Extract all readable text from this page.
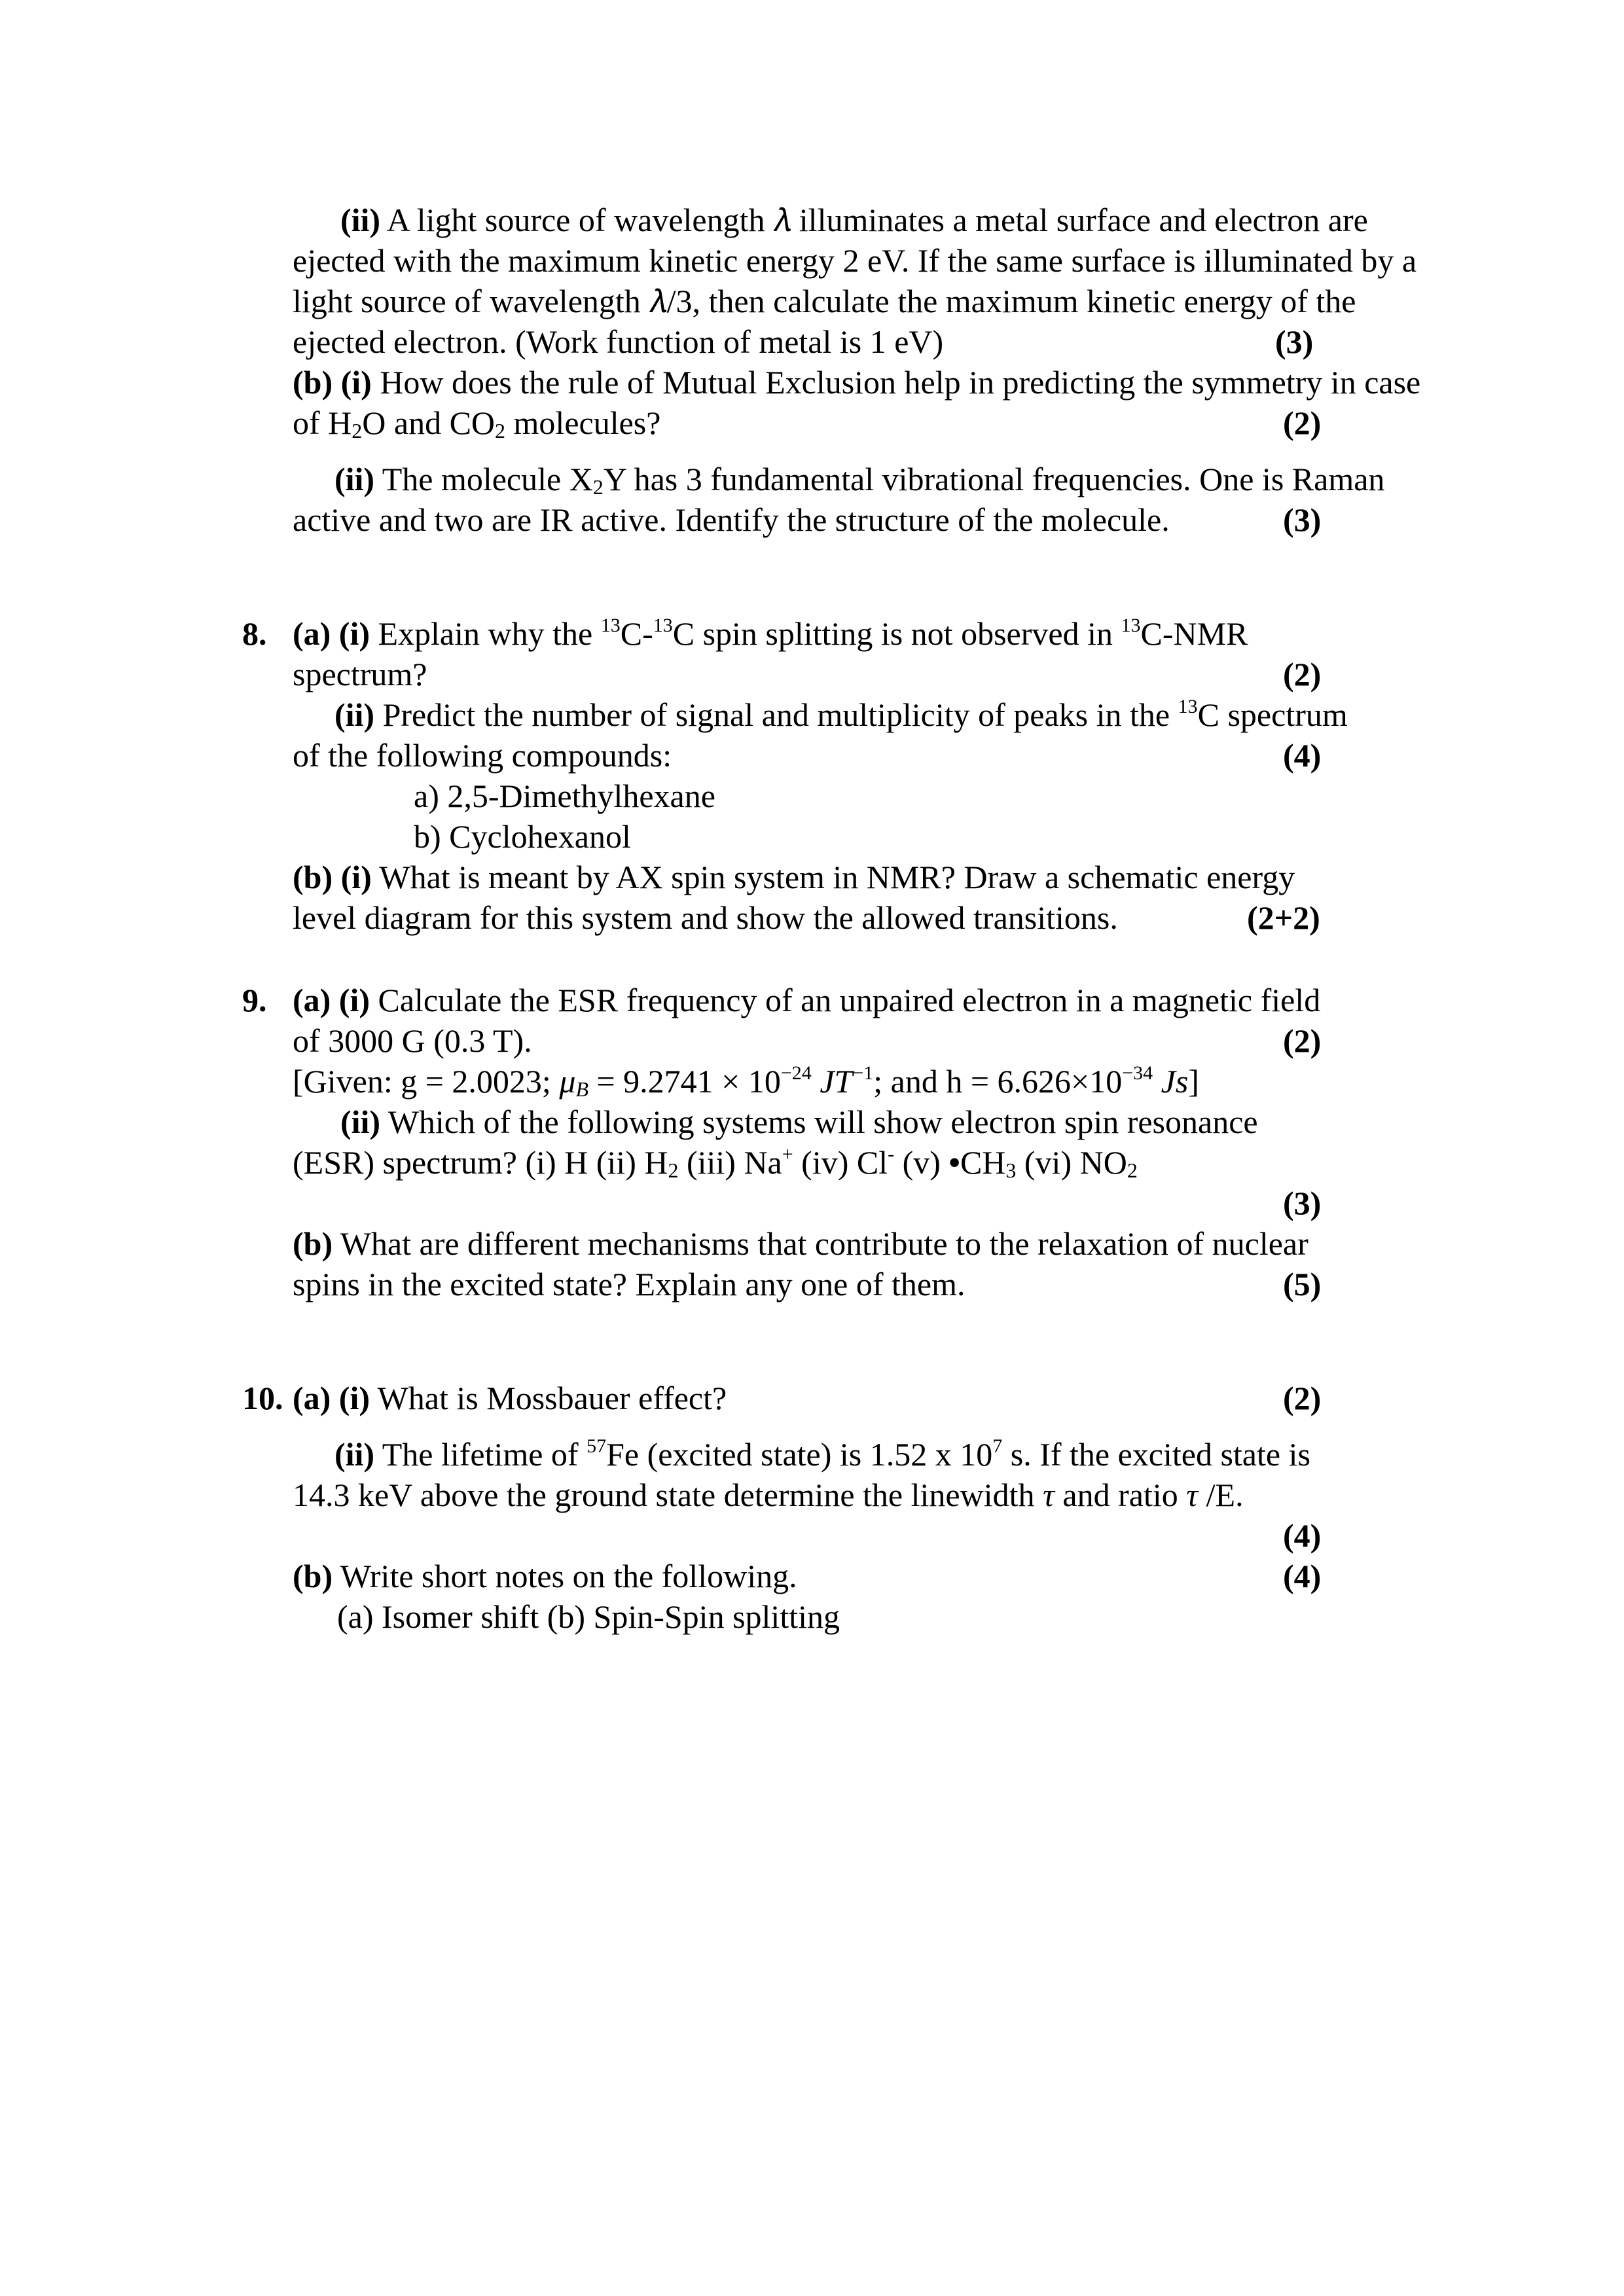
(ii) A light source of wavelength 𝜆 illuminates a metal surface and electron are
ejected with the maximum kinetic energy 2 eV. If the same surface is illuminated by a
light source of wavelength 𝜆/3, then calculate the maximum kinetic energy of the
ejected electron. (Work function of metal is 1 eV)	(3)
(b) (i) How does the rule of Mutual Exclusion help in predicting the symmetry in case
of $H_2O$ and $CO_2$ molecules?	(2)
(ii) The molecule $X_2Y$ has 3 fundamental vibrational frequencies. One is Raman
active and two are IR active. Identify the structure of the molecule.	(3)
8. (a) (i) Explain why the $^{13}$C-$^{13}$C spin splitting is not observed in $^{13}$C-NMR
spectrum?	(2)
(ii) Predict the number of signal and multiplicity of peaks in the $^{13}$C spectrum
of the following compounds:	(4)
a) 2,5-Dimethylhexane
b) Cyclohexanol
(b) (i) What is meant by AX spin system in NMR? Draw a schematic energy
level diagram for this system and show the allowed transitions.	(2+2)
9. (a) (i) Calculate the ESR frequency of an unpaired electron in a magnetic field
of 3000 G (0.3 T).	(2)
[Given: g = 2.0023; $\mu_B = 9.2741 \times 10^{-24}$ $JT^{-1}$; and $h = 6.626\times 10^{-34}$ Js]
(ii) Which of the following systems will show electron spin resonance
(ESR) spectrum? (i) H (ii) $H_2$ (iii) Na+ (iv) Cl- (v) $•CH_3$ (vi) $NO_2$
(3)
(b) What are different mechanisms that contribute to the relaxation of nuclear
spins in the excited state? Explain any one of them.	(5)
10. (a) (i) What is Mossbauer effect?	(2)
(ii) The lifetime of $^{57}$Fe (excited state) is 1.52 x $10^7$ s. If the excited state is
14.3 keV above the ground state determine the linewidth τ and ratio τ /E.
(4)
(b) Write short notes on the following.	(4)
(a) Isomer shift (b) Spin-Spin splitting
